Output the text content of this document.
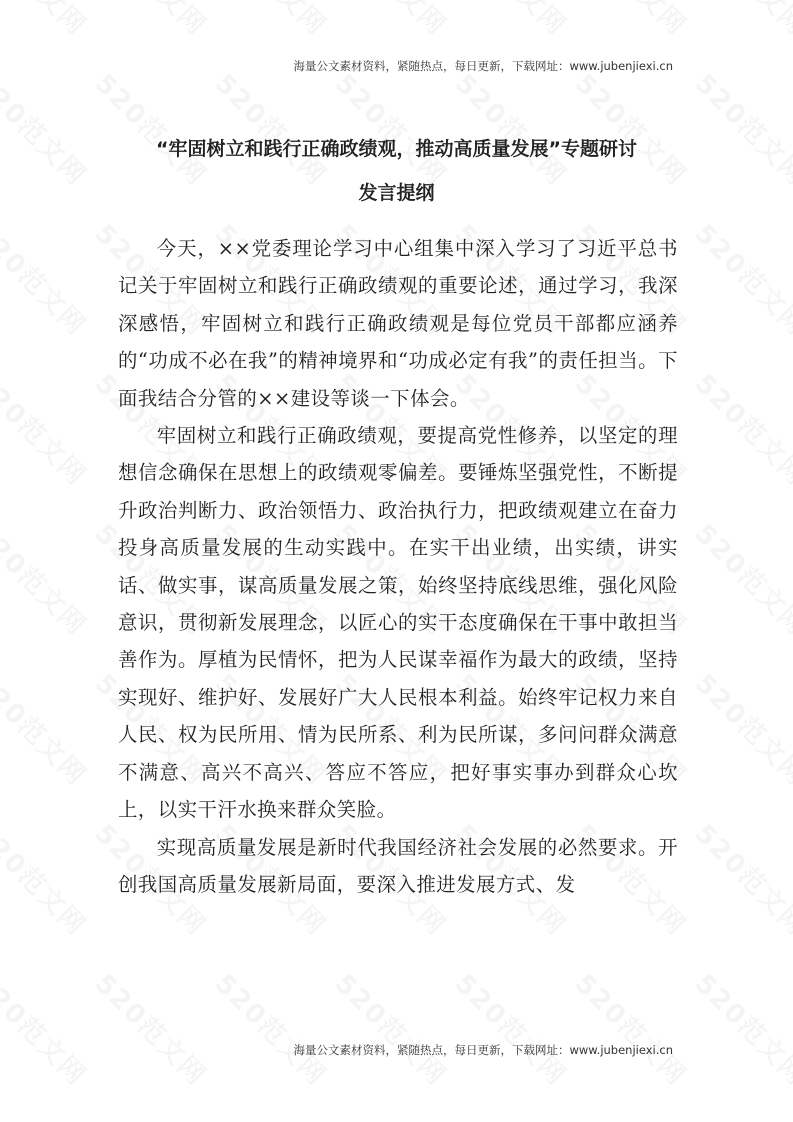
海量公文素材资料，紧随热点，每日更新，下载网址：www.jubenjiexi.cn
“牢固树立和践行正确政绩观，推动高质量发展”专题研讨
发言提纲

今天，××党委理论学习中心组集中深入学习了习近平总书记关于牢固树立和践行正确政绩观的重要论述，通过学习，我深深感悟，牢固树立和践行正确政绩观是每位党员干部都应涵养的“功成不必在我”的精神境界和“功成必定有我”的责任担当。下面我结合分管的××建设等谈一下体会。

牢固树立和践行正确政绩观，要提高党性修养，以坚定的理想信念确保在思想上的政绩观零偏差。要锤炼坚强党性，不断提升政治判断力、政治领悟力、政治执行力，把政绩观建立在奋力投身高质量发展的生动实践中。在实干出业绩，出实绩，讲实话、做实事，谋高质量发展之策，始终坚持底线思维，强化风险意识，贯彻新发展理念，以匠心的实干态度确保在干事中敢担当善作为。厚植为民情怀，把为人民谋幸福作为最大的政绩，坚持实现好、维护好、发展好广大人民根本利益。始终牢记权力来自人民、权为民所用、情为民所系、利为民所谋，多问问群众满意不满意、高兴不高兴、答应不答应，把好事实事办到群众心坎上，以实干汗水换来群众笑脸。

实现高质量发展是新时代我国经济社会发展的必然要求。开创我国高质量发展新局面，要深入推进发展方式、发

海量公文素材资料，紧随热点，每日更新，下载网址：www.jubenjiexi.cn
